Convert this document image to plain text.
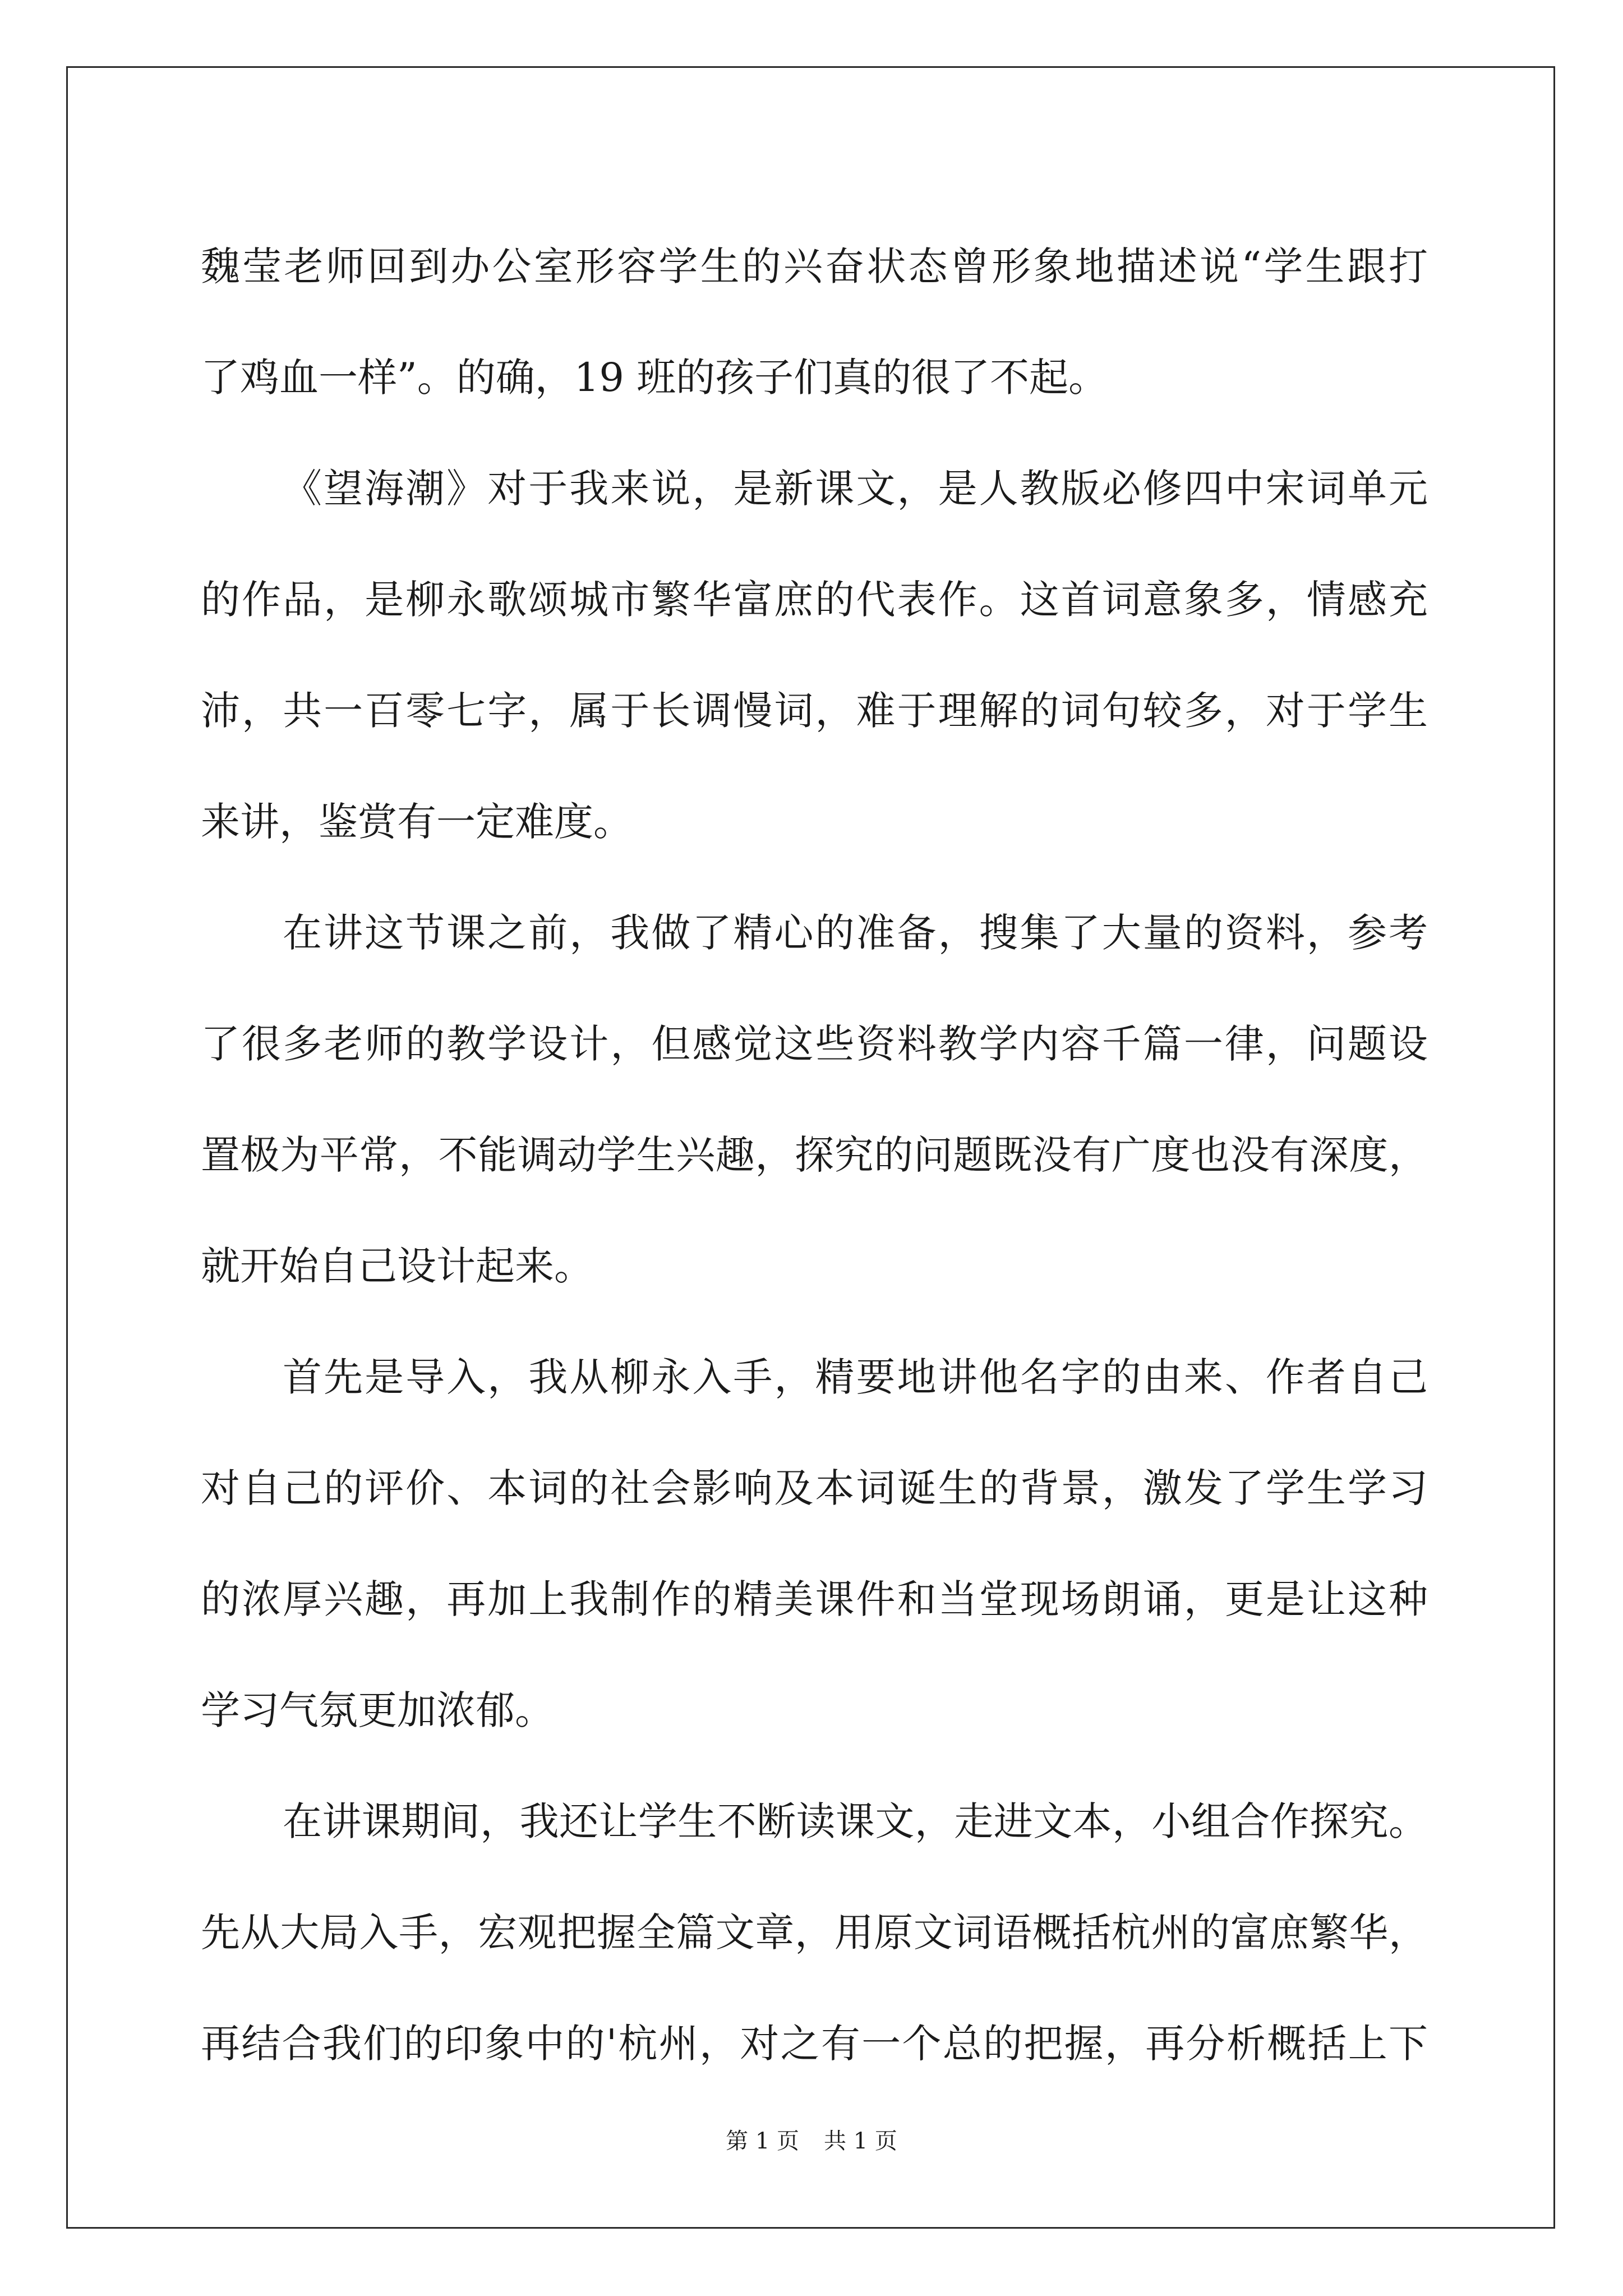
魏莹老师回到办公室形容学生的兴奋状态曾形象地描述说“学生跟打
了鸡血一样”。的确，19 班的孩子们真的很了不起。
《望海潮》对于我来说，是新课文，是人教版必修四中宋词单元
的作品，是柳永歌颂城市繁华富庶的代表作。这首词意象多，情感充
沛，共一百零七字，属于长调慢词，难于理解的词句较多，对于学生
来讲，鉴赏有一定难度。
在讲这节课之前，我做了精心的准备，搜集了大量的资料，参考
了很多老师的教学设计，但感觉这些资料教学内容千篇一律，问题设
置极为平常，不能调动学生兴趣，探究的问题既没有广度也没有深度，
就开始自己设计起来。
首先是导入，我从柳永入手，精要地讲他名字的由来、作者自己
对自己的评价、本词的社会影响及本词诞生的背景，激发了学生学习
的浓厚兴趣，再加上我制作的精美课件和当堂现场朗诵，更是让这种
学习气氛更加浓郁。
在讲课期间，我还让学生不断读课文，走进文本，小组合作探究。
先从大局入手，宏观把握全篇文章，用原文词语概括杭州的富庶繁华，
再结合我们的印象中的'杭州，对之有一个总的把握，再分析概括上下
第 1 页 共 1 页
